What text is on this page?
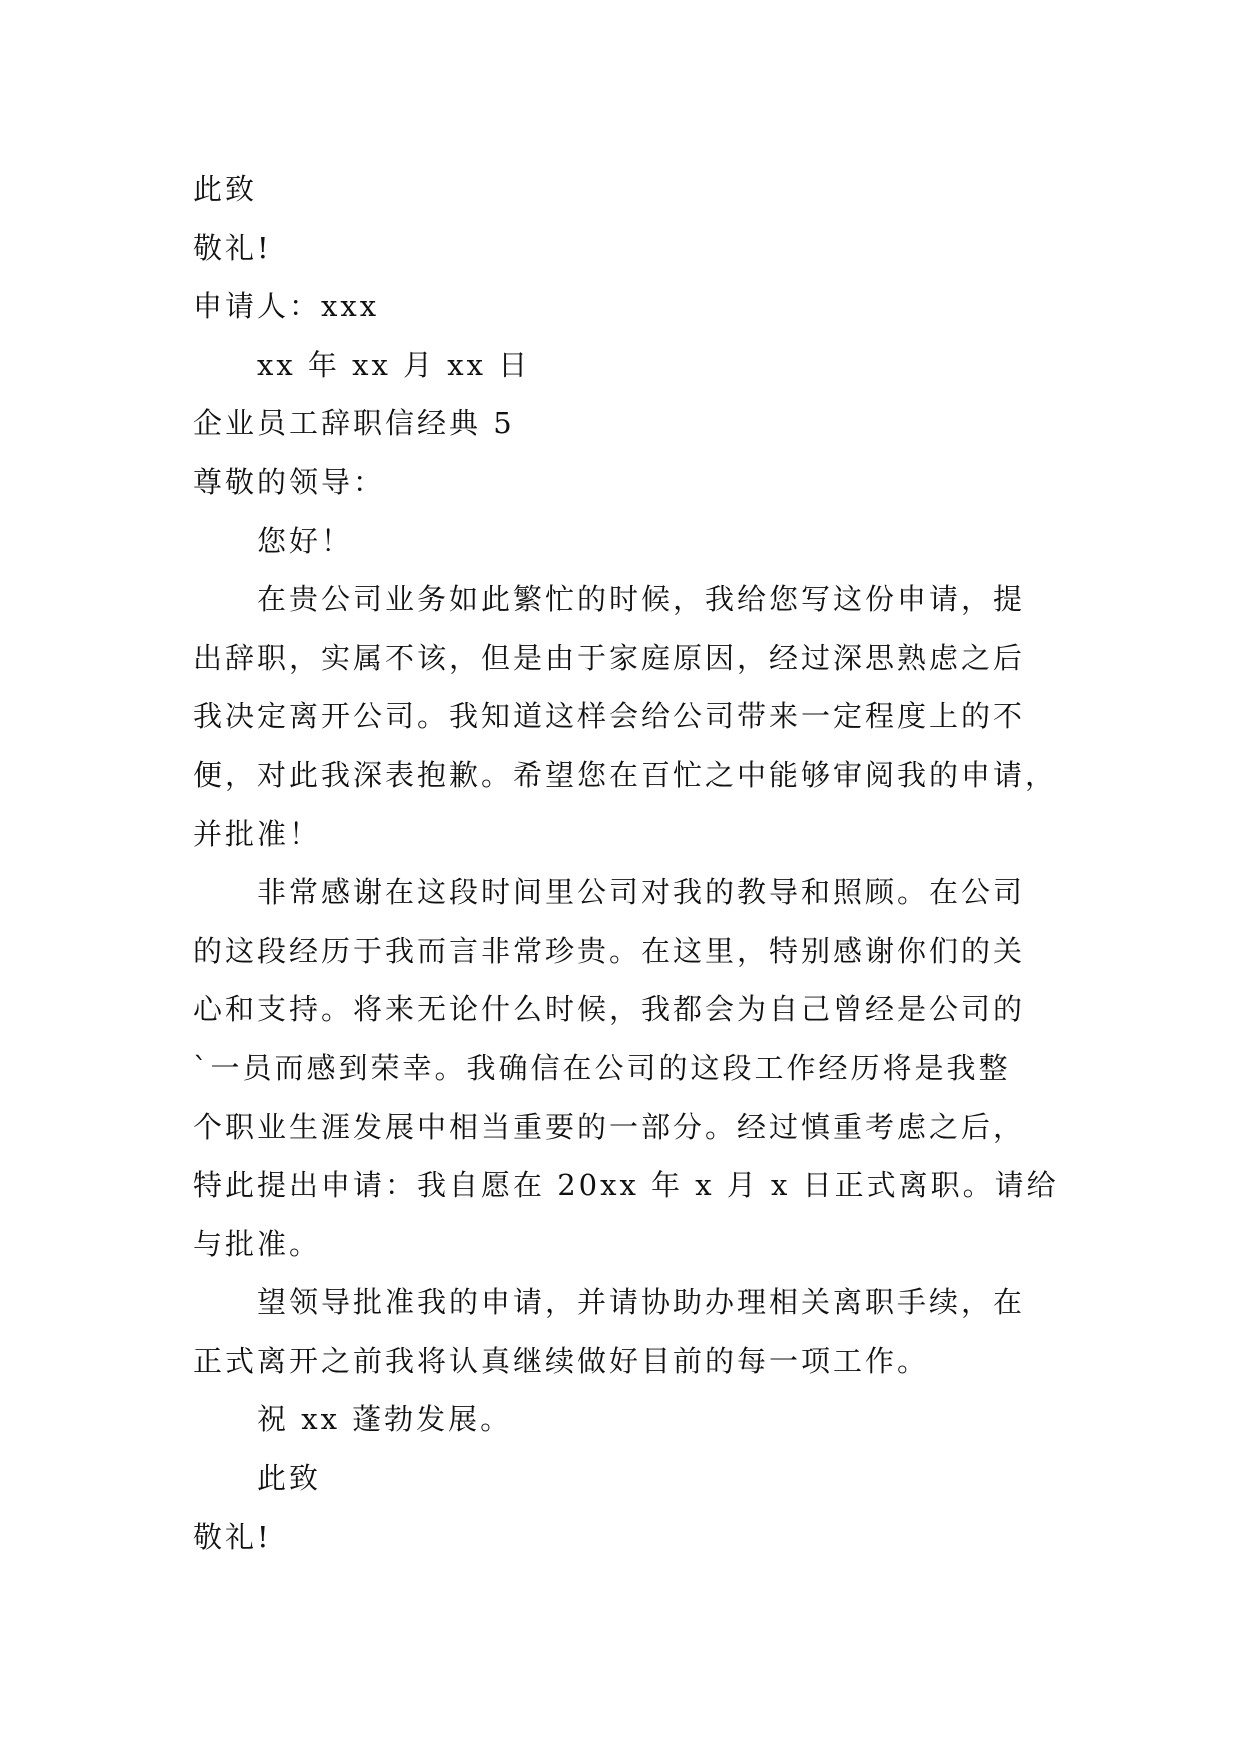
此致

敬礼!

申请人：xxx

xx 年 xx 月 xx 日

企业员工辞职信经典 5

尊敬的领导：

您好！

在贵公司业务如此繁忙的时候，我给您写这份申请，提

出辞职，实属不该，但是由于家庭原因，经过深思熟虑之后

我决定离开公司。我知道这样会给公司带来一定程度上的不

便，对此我深表抱歉。希望您在百忙之中能够审阅我的申请，

并批准！

非常感谢在这段时间里公司对我的教导和照顾。在公司

的这段经历于我而言非常珍贵。在这里，特别感谢你们的关

心和支持。将来无论什么时候，我都会为自己曾经是公司的

`一员而感到荣幸。我确信在公司的这段工作经历将是我整

个职业生涯发展中相当重要的一部分。经过慎重考虑之后，

特此提出申请：我自愿在 20xx 年 x 月 x 日正式离职。请给

与批准。

望领导批准我的申请，并请协助办理相关离职手续，在

正式离开之前我将认真继续做好目前的每一项工作。

祝 xx 蓬勃发展。

此致

敬礼!
